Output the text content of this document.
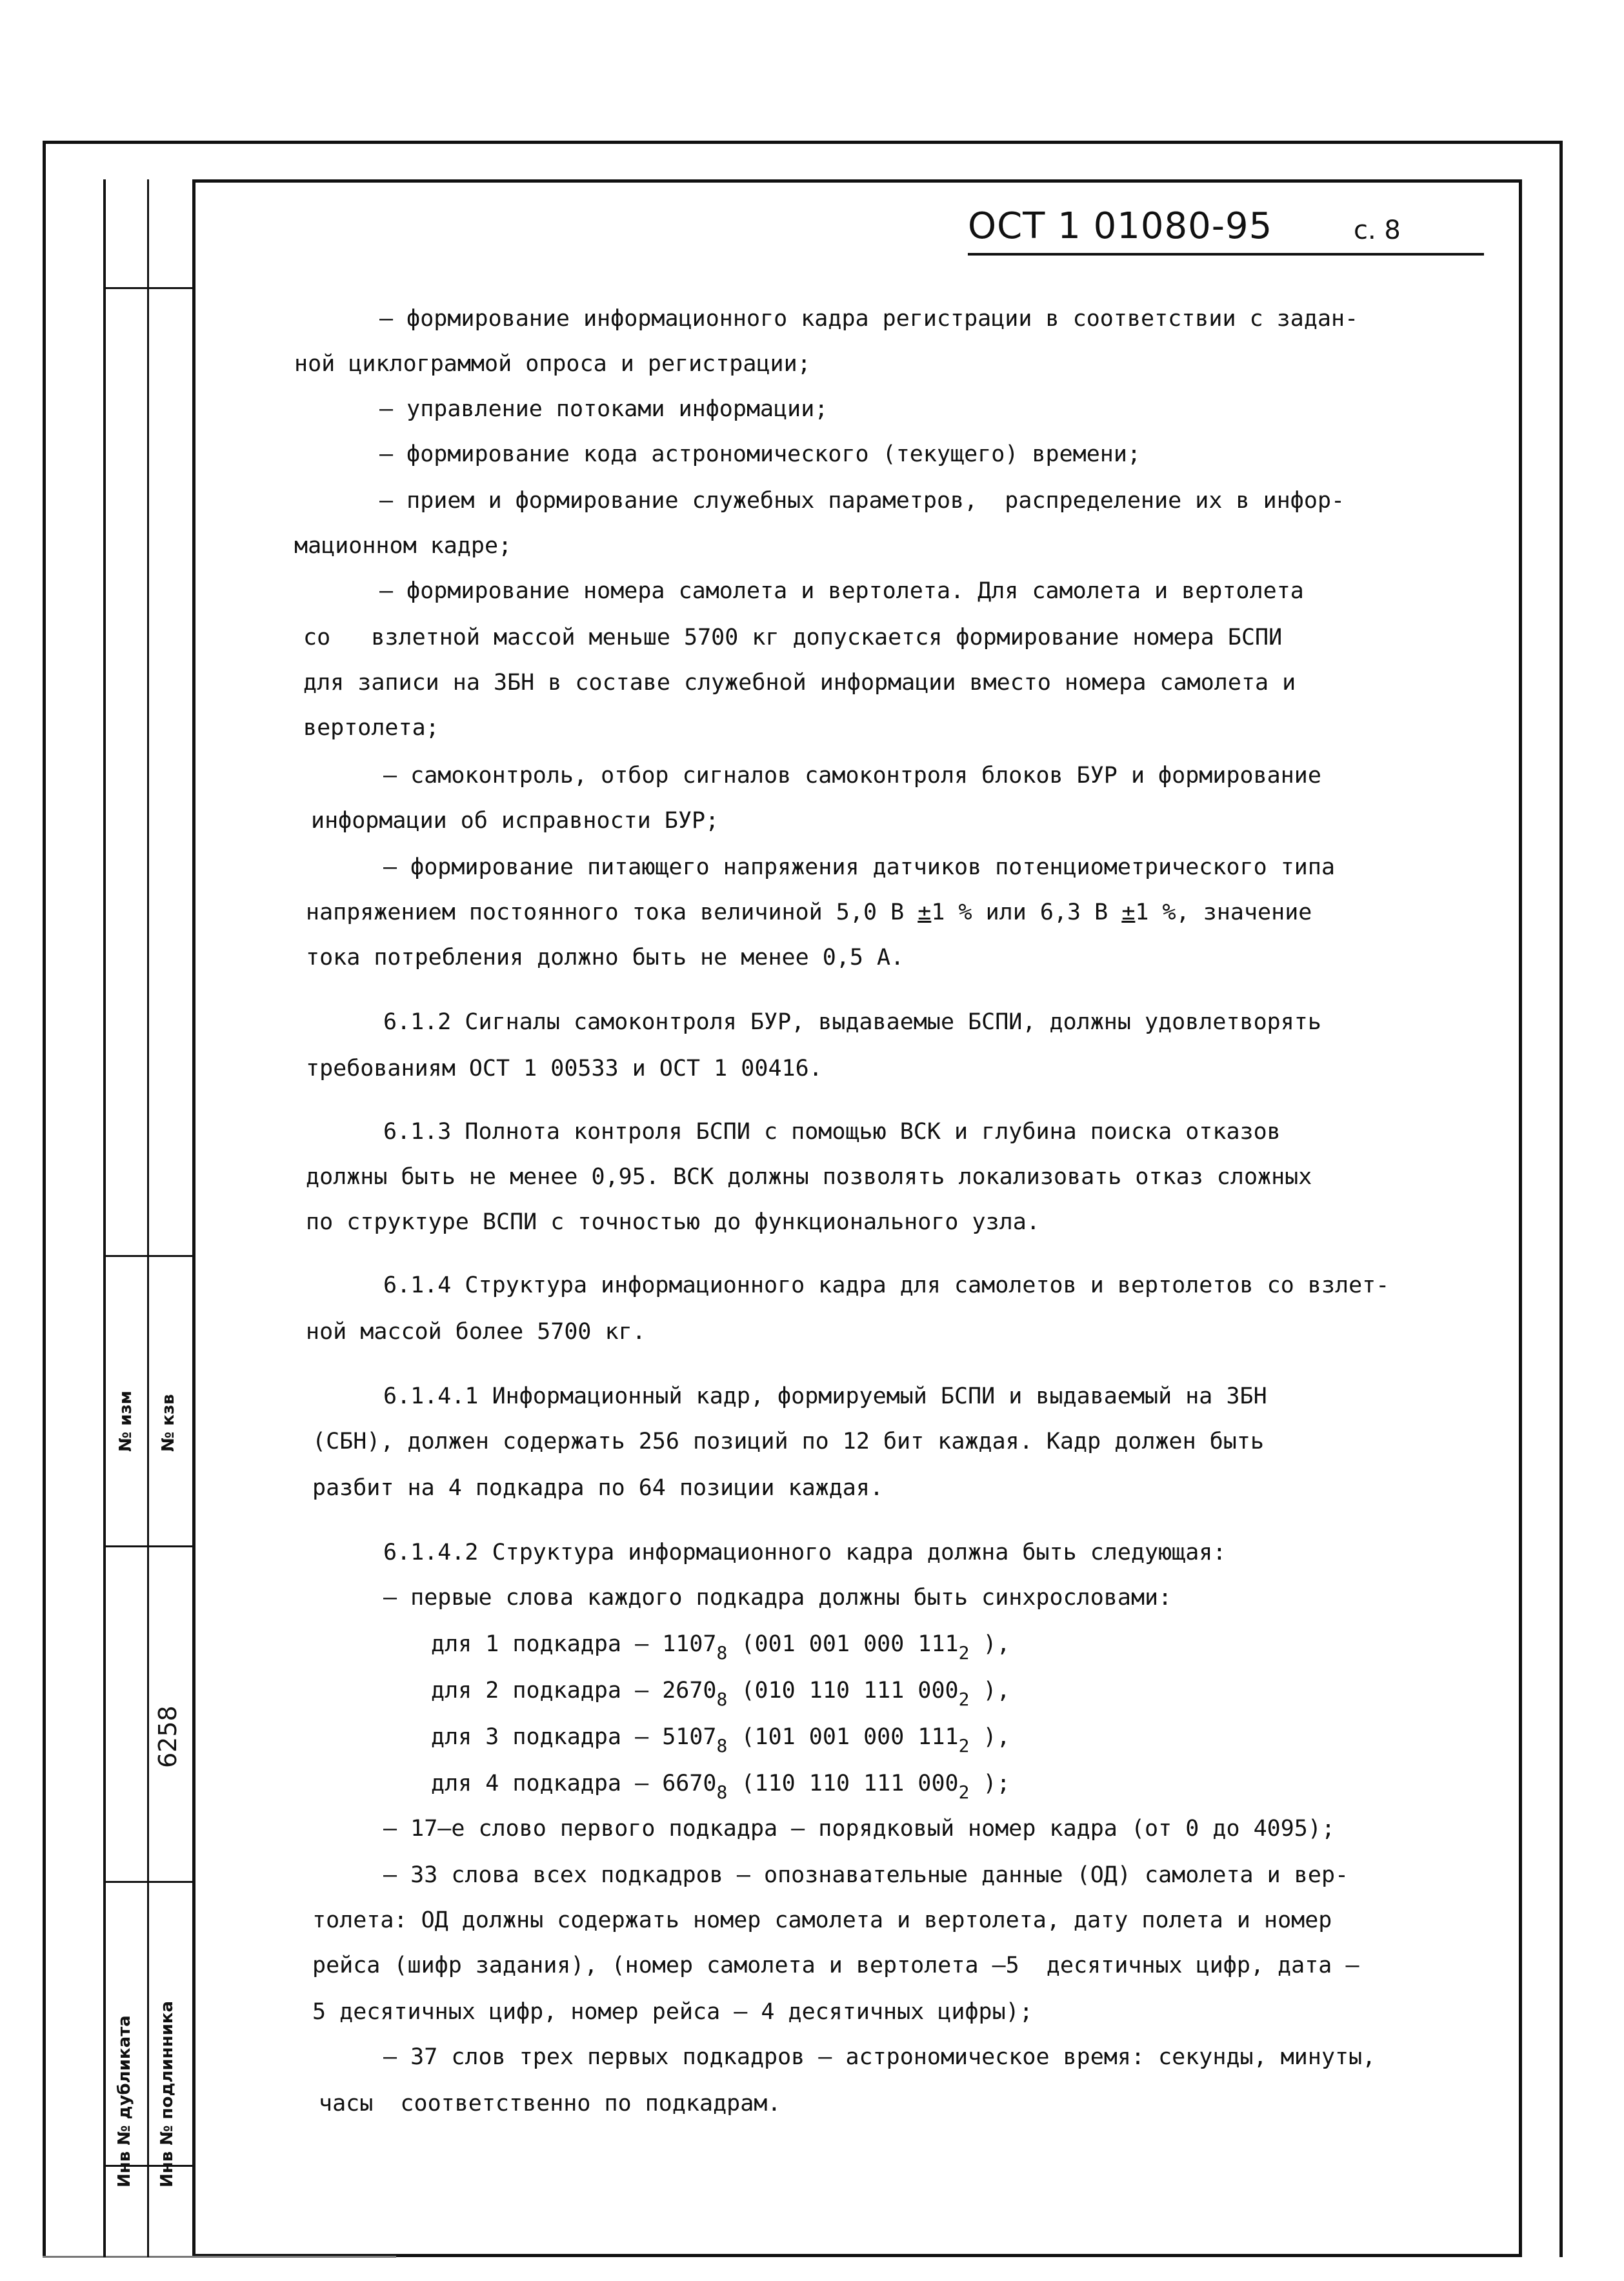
№ изм № кзв
6258
Инв № дубликата Инв № подлинника
ОСТ 1 01080-95	с. 8
– формирование информационного кадра регистрации в соответствии с задан-
ной циклограммой опроса и регистрации;
– управление потоками информации;
– формирование кода астрономического (текущего) времени;
– прием и формирование служебных параметров,  распределение их в инфор-
мационном кадре;
– формирование номера самолета и вертолета. Для самолета и вертолета
со   взлетной массой меньше 5700 кг допускается формирование номера БСПИ
для записи на ЗБН в составе служебной информации вместо номера самолета и
вертолета;
– самоконтроль, отбор сигналов самоконтроля блоков БУР и формирование
информации об исправности БУР;
– формирование питающего напряжения датчиков потенциометрического типа
напряжением постоянного тока величиной 5,0 В ±1 % или 6,3 В ±1 %, значение
тока потребления должно быть не менее 0,5 А.
6.1.2 Сигналы самоконтроля БУР, выдаваемые БСПИ, должны удовлетворять
требованиям ОСТ 1 00533 и ОСТ 1 00416.
6.1.3 Полнота контроля БСПИ с помощью ВСК и глубина поиска отказов
должны быть не менее 0,95. ВСК должны позволять локализовать отказ сложных
по структуре ВСПИ с точностью до функционального узла.
6.1.4 Структура информационного кадра для самолетов и вертолетов со взлет-
ной массой более 5700 кг.
6.1.4.1 Информационный кадр, формируемый БСПИ и выдаваемый на ЗБН
(СБН), должен содержать 256 позиций по 12 бит каждая. Кадр должен быть
разбит на 4 подкадра по 64 позиции каждая.
6.1.4.2 Структура информационного кадра должна быть следующая:
– первые слова каждого подкадра должны быть синхрословами:
для 1 подкадра – $1107_8$ (001 001 000 $111_2$ ),
для 2 подкадра – $2670_8$ (010 110 111 $000_2$ ),
для 3 подкадра – $5107_8$ (101 001 000 $111_2$ ),
для 4 подкадра – $6670_8$ (110 110 111 $000_2$ );
– 17–е слово первого подкадра – порядковый номер кадра (от 0 до 4095);
– 33 слова всех подкадров – опознавательные данные (ОД) самолета и вер-
толета: ОД должны содержать номер самолета и вертолета, дату полета и номер
рейса (шифр задания), (номер самолета и вертолета –5  десятичных цифр, дата –
5 десятичных цифр, номер рейса – 4 десятичных цифры);
– 37 слов трех первых подкадров – астрономическое время: секунды, минуты,
часы  соответственно по подкадрам.
